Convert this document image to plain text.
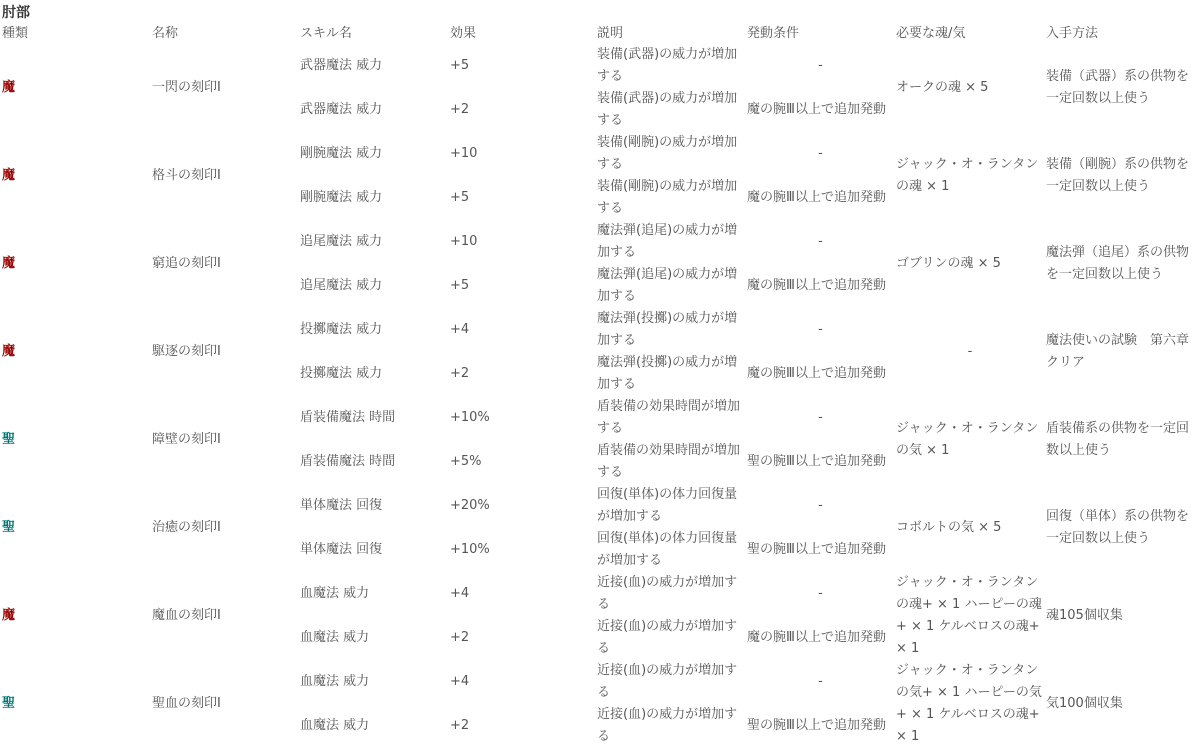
肘部
種類	名称	スキル名	効果	説明	発動条件	必要な魂/気	入手方法
魔	一閃の刻印I	武器魔法 威力	+5	装備(武器)の威力が増加する	-	オークの魂 × 5	装備（武器）系の供物を一定回数以上使う
		武器魔法 威力	+2	装備(武器)の威力が増加する	魔の腕Ⅲ以上で追加発動		
魔	格斗の刻印I	剛腕魔法 威力	+10	装備(剛腕)の威力が増加する	-	ジャック・オ・ランタンの魂 × 1	装備（剛腕）系の供物を一定回数以上使う
		剛腕魔法 威力	+5	装備(剛腕)の威力が増加する	魔の腕Ⅲ以上で追加発動		
魔	窮追の刻印I	追尾魔法 威力	+10	魔法弾(追尾)の威力が増加する	-	ゴブリンの魂 × 5	魔法弾（追尾）系の供物を一定回数以上使う
		追尾魔法 威力	+5	魔法弾(追尾)の威力が増加する	魔の腕Ⅲ以上で追加発動		
魔	駆逐の刻印I	投擲魔法 威力	+4	魔法弾(投擲)の威力が増加する	-	-	魔法使いの試験　第六章クリア
		投擲魔法 威力	+2	魔法弾(投擲)の威力が増加する	魔の腕Ⅲ以上で追加発動		
聖	障壁の刻印I	盾装備魔法 時間	+10%	盾装備の効果時間が増加する	-	ジャック・オ・ランタンの気 × 1	盾装備系の供物を一定回数以上使う
		盾装備魔法 時間	+5%	盾装備の効果時間が増加する	聖の腕Ⅲ以上で追加発動		
聖	治癒の刻印I	単体魔法 回復	+20%	回復(単体)の体力回復量が増加する	-	コボルトの気 × 5	回復（単体）系の供物を一定回数以上使う
		単体魔法 回復	+10%	回復(単体)の体力回復量が増加する	聖の腕Ⅲ以上で追加発動		
魔	魔血の刻印I	血魔法 威力	+4	近接(血)の威力が増加する	-	ジャック・オ・ランタンの魂+ × 1 ハーピーの魂+ × 1 ケルベロスの魂+ × 1	魂105個収集
		血魔法 威力	+2	近接(血)の威力が増加する	魔の腕Ⅲ以上で追加発動		
聖	聖血の刻印I	血魔法 威力	+4	近接(血)の威力が増加する	-	ジャック・オ・ランタンの気+ × 1 ハーピーの気+ × 1 ケルベロスの魂+ × 1	気100個収集
		血魔法 威力	+2	近接(血)の威力が増加する	聖の腕Ⅲ以上で追加発動		
